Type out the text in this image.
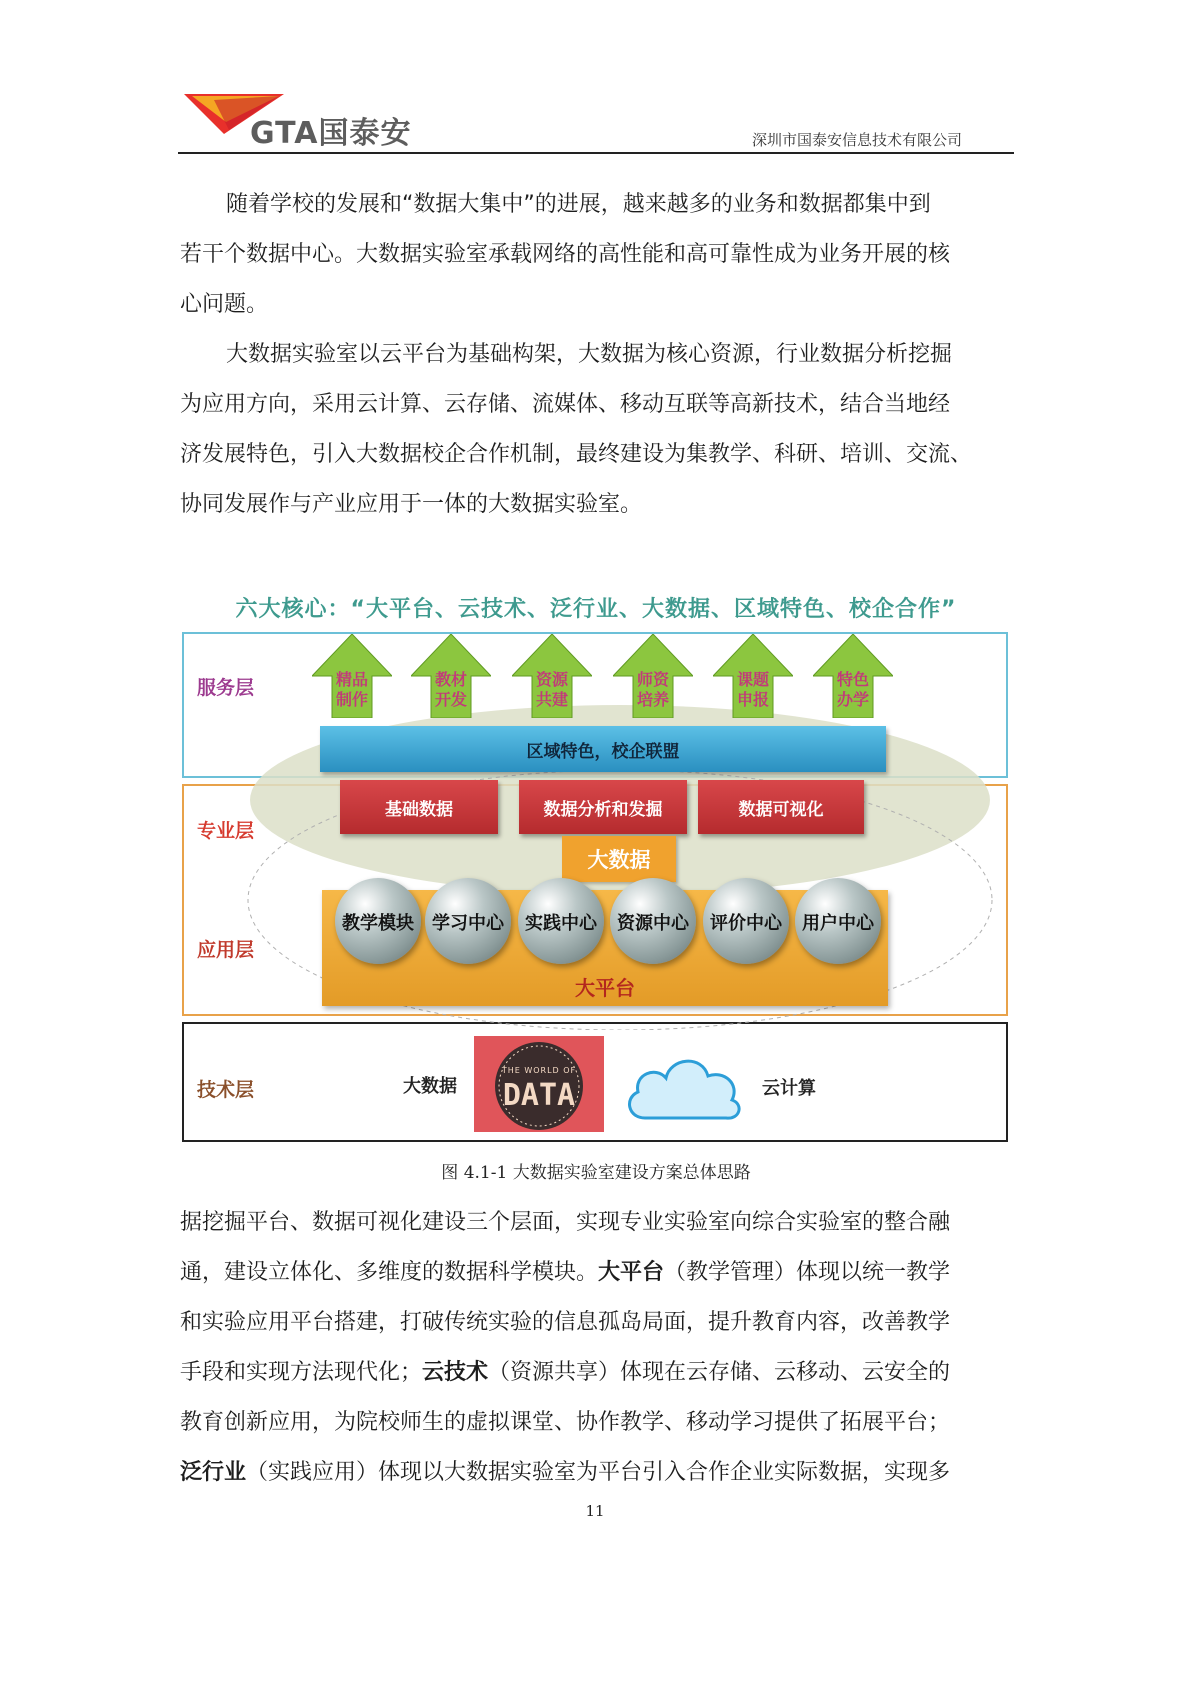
GTA国泰安	深圳市国泰安信息技术有限公司
随着学校的发展和“数据大集中”的进展，越来越多的业务和数据都集中到
若干个数据中心。大数据实验室承载网络的高性能和高可靠性成为业务开展的核
心问题。
大数据实验室以云平台为基础构架，大数据为核心资源，行业数据分析挖掘
为应用方向，采用云计算、云存储、流媒体、移动互联等高新技术，结合当地经
济发展特色，引入大数据校企合作机制，最终建设为集教学、科研、培训、交流、
协同发展作与产业应用于一体的大数据实验室。
六大核心：“大平台、云技术、泛行业、大数据、区域特色、校企合作”
服务层
专业层
应用层
技术层
精品
制作
教材
开发
资源
共建
师资
培养
课题
申报
特色
办学
区域特色，校企联盟
基础数据	数据分析和发掘	数据可视化
大数据
大平台
教学模块	学习中心	实践中心	资源中心	评价中心	用户中心
大数据
THE WORLD OF
DATA	云计算
图 4.1-1 大数据实验室建设方案总体思路
据挖掘平台、数据可视化建设三个层面，实现专业实验室向综合实验室的整合融
通，建设立体化、多维度的数据科学模块。大平台（教学管理）体现以统一教学
和实验应用平台搭建，打破传统实验的信息孤岛局面，提升教育内容，改善教学
手段和实现方法现代化；云技术（资源共享）体现在云存储、云移动、云安全的
教育创新应用，为院校师生的虚拟课堂、协作教学、移动学习提供了拓展平台；
泛行业（实践应用）体现以大数据实验室为平台引入合作企业实际数据，实现多
11
